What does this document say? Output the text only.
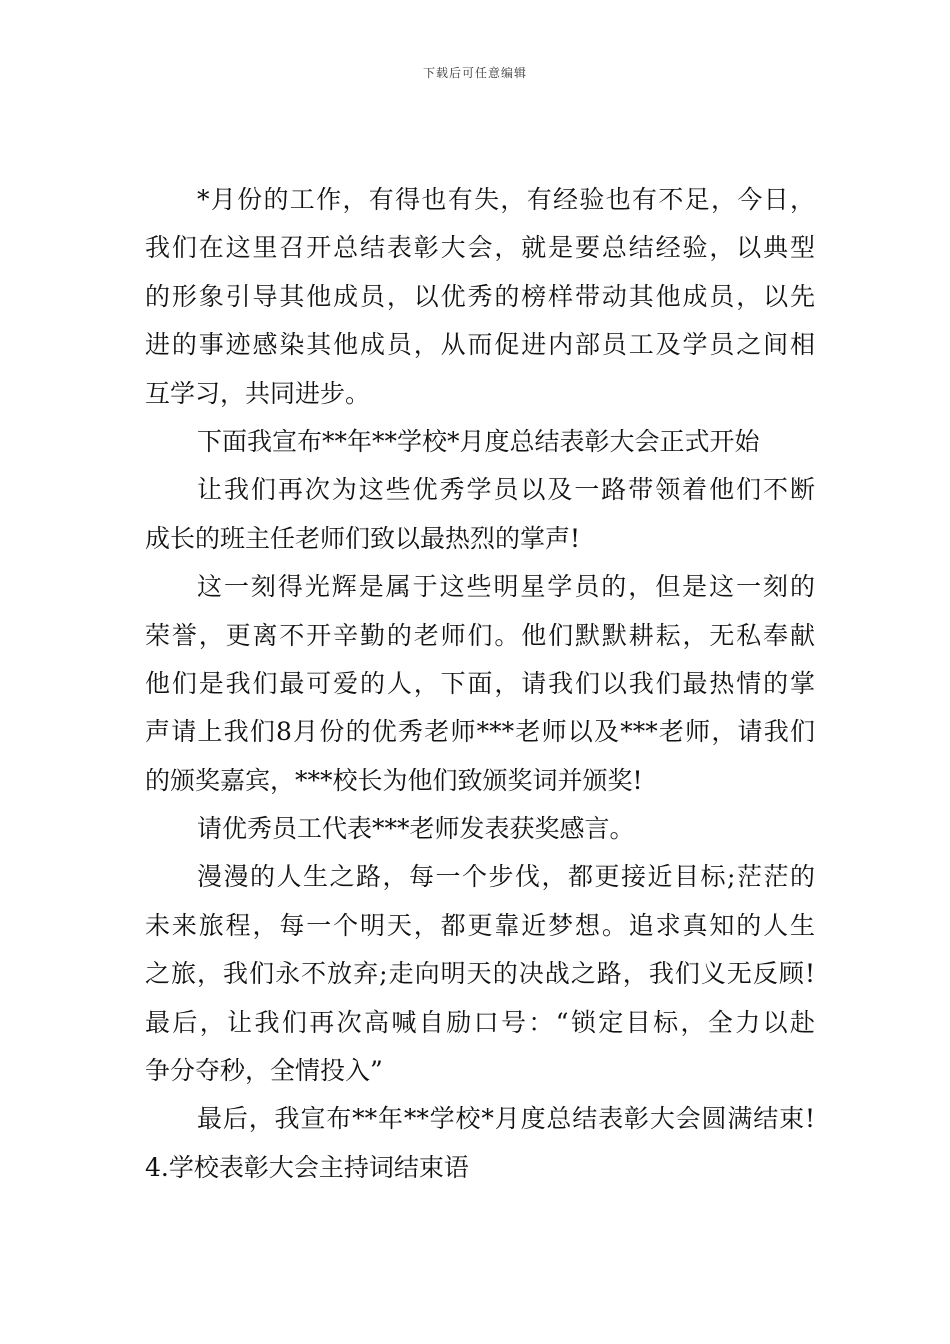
下载后可任意编辑
*月份的工作，有得也有失，有经验也有不足，今日，
我们在这里召开总结表彰大会，就是要总结经验，以典型
的形象引导其他成员，以优秀的榜样带动其他成员，以先
进的事迹感染其他成员，从而促进内部员工及学员之间相
互学习，共同进步。
下面我宣布**年**学校*月度总结表彰大会正式开始
让我们再次为这些优秀学员以及一路带领着他们不断
成长的班主任老师们致以最热烈的掌声!
这一刻得光辉是属于这些明星学员的，但是这一刻的
荣誉，更离不开辛勤的老师们。他们默默耕耘，无私奉献
他们是我们最可爱的人，下面，请我们以我们最热情的掌
声请上我们8月份的优秀老师***老师以及***老师，请我们
的颁奖嘉宾，***校长为他们致颁奖词并颁奖!
请优秀员工代表***老师发表获奖感言。
漫漫的人生之路，每一个步伐，都更接近目标;茫茫的
未来旅程，每一个明天，都更靠近梦想。追求真知的人生
之旅，我们永不放弃;走向明天的决战之路，我们义无反顾!
最后，让我们再次高喊自励口号：“锁定目标，全力以赴
争分夺秒，全情投入”
最后，我宣布**年**学校*月度总结表彰大会圆满结束!
4.学校表彰大会主持词结束语
